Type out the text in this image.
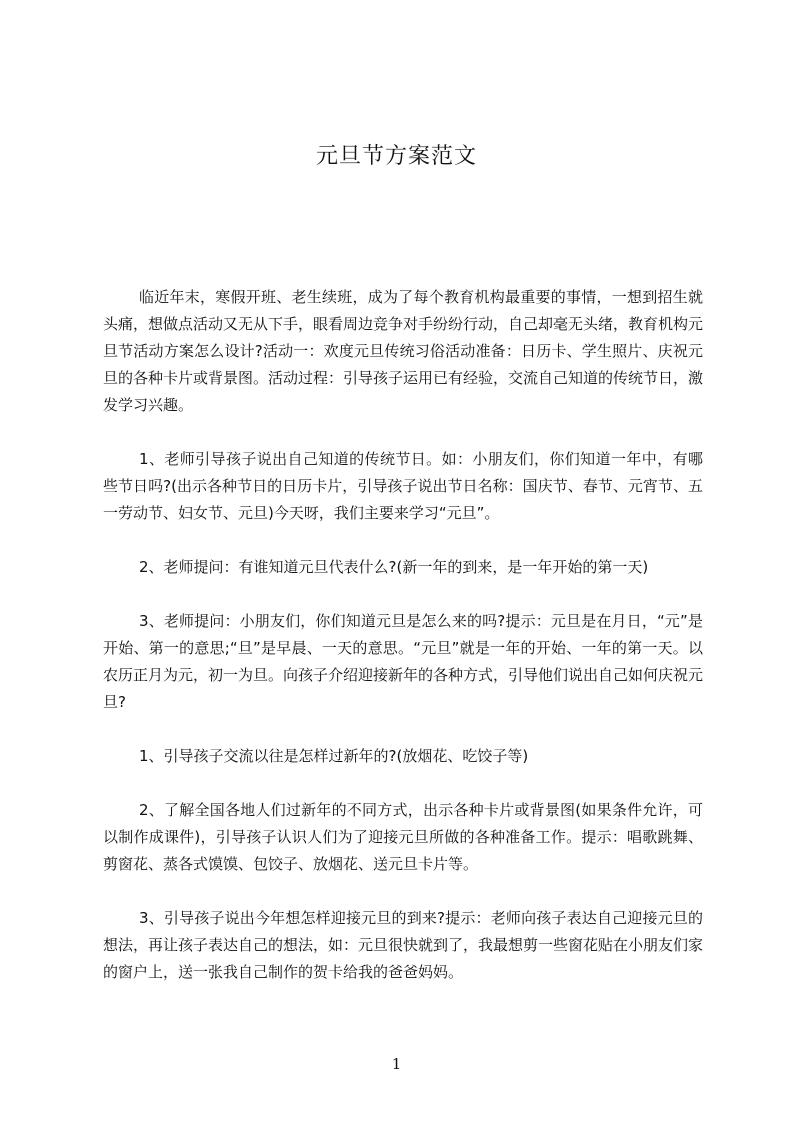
元旦节方案范文

临近年末，寒假开班、老生续班，成为了每个教育机构最重要的事情，一想到招生就头痛，想做点活动又无从下手，眼看周边竞争对手纷纷行动，自己却毫无头绪，教育机构元旦节活动方案怎么设计?活动一：欢度元旦传统习俗活动准备：日历卡、学生照片、庆祝元旦的各种卡片或背景图。活动过程：引导孩子运用已有经验，交流自己知道的传统节日，激发学习兴趣。

1、老师引导孩子说出自己知道的传统节日。如：小朋友们，你们知道一年中，有哪些节日吗?(出示各种节日的日历卡片，引导孩子说出节日名称：国庆节、春节、元宵节、五一劳动节、妇女节、元旦)今天呀，我们主要来学习“元旦”。

2、老师提问：有谁知道元旦代表什么?(新一年的到来，是一年开始的第一天)

3、老师提问：小朋友们，你们知道元旦是怎么来的吗?提示：元旦是在月日，“元”是开始、第一的意思;“旦”是早晨、一天的意思。“元旦”就是一年的开始、一年的第一天。以农历正月为元，初一为旦。向孩子介绍迎接新年的各种方式，引导他们说出自己如何庆祝元旦?

1、引导孩子交流以往是怎样过新年的?(放烟花、吃饺子等)

2、了解全国各地人们过新年的不同方式，出示各种卡片或背景图(如果条件允许，可以制作成课件)，引导孩子认识人们为了迎接元旦所做的各种准备工作。提示：唱歌跳舞、剪窗花、蒸各式馍馍、包饺子、放烟花、送元旦卡片等。

3、引导孩子说出今年想怎样迎接元旦的到来?提示：老师向孩子表达自己迎接元旦的想法，再让孩子表达自己的想法，如：元旦很快就到了，我最想剪一些窗花贴在小朋友们家的窗户上，送一张我自己制作的贺卡给我的爸爸妈妈。

1
